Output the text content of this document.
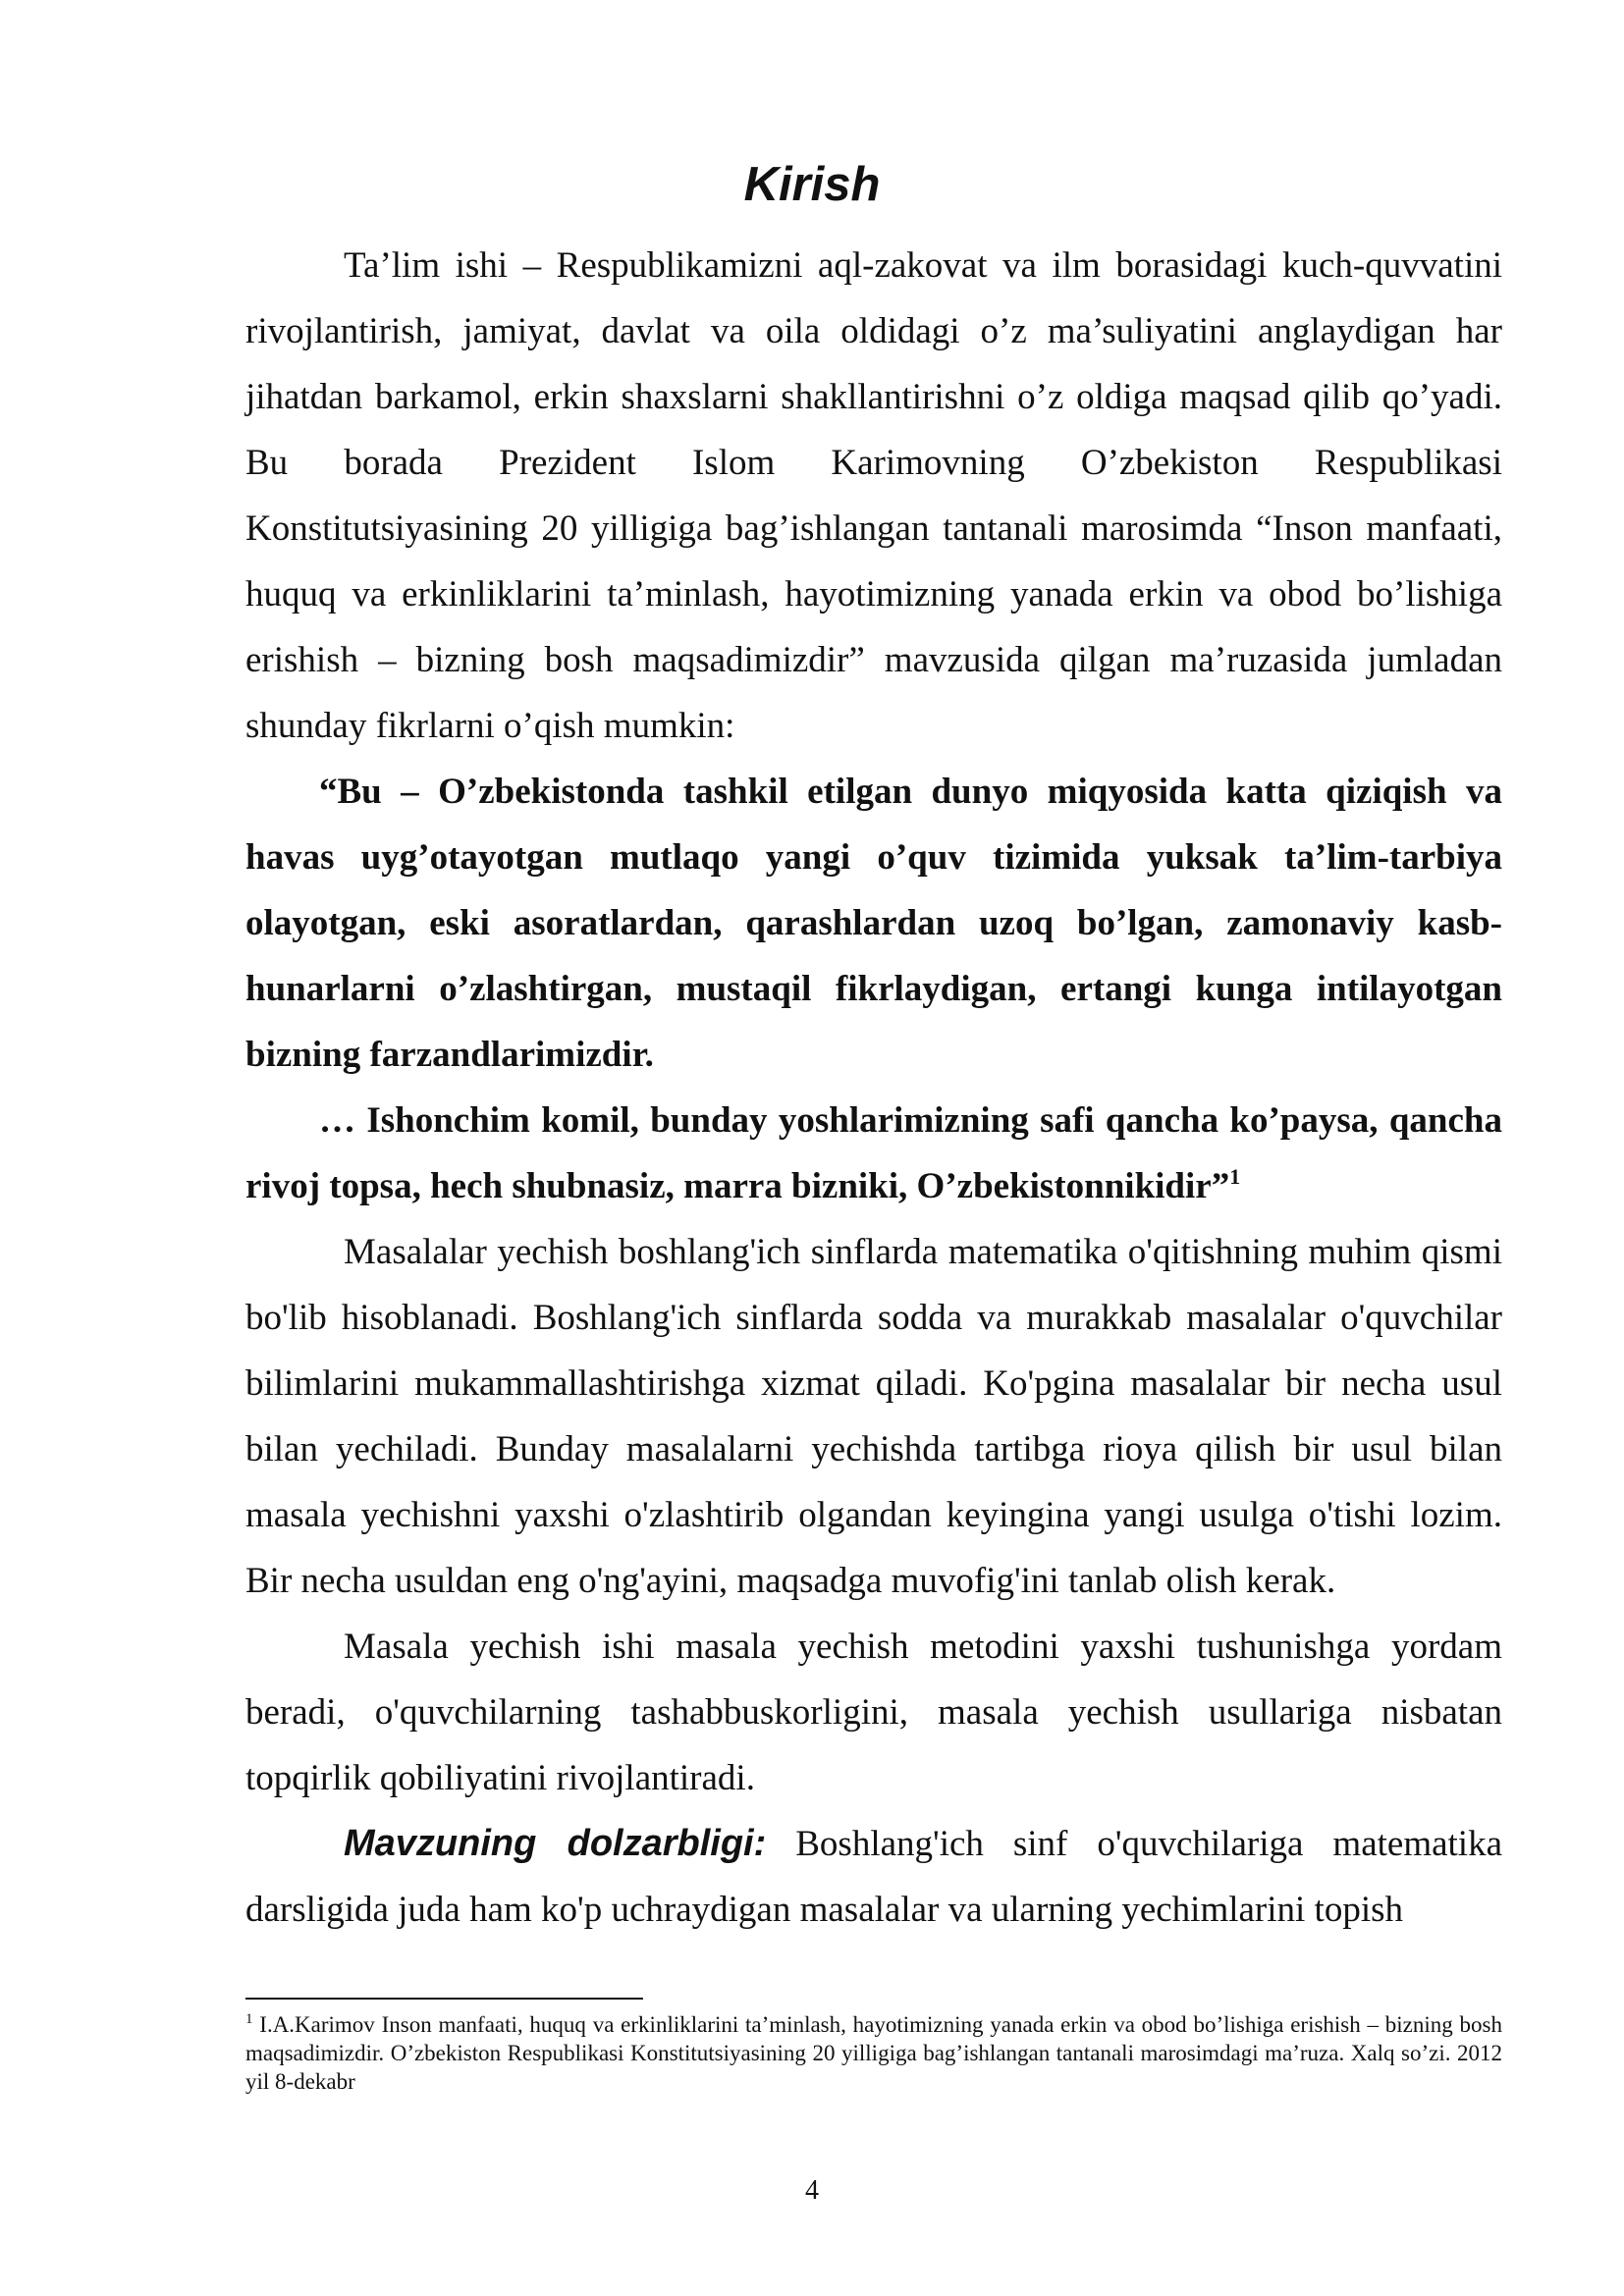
Kirish

Ta’lim ishi – Respublikamizni aql-zakovat va ilm borasidagi kuch-quvvatini rivojlantirish, jamiyat, davlat va oila oldidagi o’z ma’suliyatini anglaydigan har jihatdan barkamol, erkin shaxslarni shakllantirishni o’z oldiga maqsad qilib qo’yadi. Bu borada Prezident Islom Karimovning O’zbekiston Respublikasi Konstitutsiyasining 20 yilligiga bag’ishlangan tantanali marosimda “Inson manfaati, huquq va erkinliklarini ta’minlash, hayotimizning yanada erkin va obod bo’lishiga erishish – bizning bosh maqsadimizdir” mavzusida qilgan ma’ruzasida jumladan shunday fikrlarni o’qish mumkin:

“Bu – O’zbekistonda tashkil etilgan dunyo miqyosida katta qiziqish va havas uyg’otayotgan mutlaqo yangi o’quv tizimida yuksak ta’lim-tarbiya olayotgan, eski asoratlardan, qarashlardan uzoq bo’lgan, zamonaviy kasb-hunarlarni o’zlashtirgan, mustaqil fikrlaydigan, ertangi kunga intilayotgan bizning farzandlarimizdir.

… Ishonchim komil, bunday yoshlarimizning safi qancha ko’paysa, qancha rivoj topsa, hech shubnasiz, marra bizniki, O’zbekistonnikidir”$^1$

Masalalar yechish boshlang'ich sinflarda matematika o'qitishning muhim qismi bo'lib hisoblanadi. Boshlang'ich sinflarda sodda va murakkab masalalar o'quvchilar bilimlarini mukammallashtirishga xizmat qiladi. Ko'pgina masalalar bir necha usul bilan yechiladi. Bunday masalalarni yechishda tartibga rioya qilish bir usul bilan masala yechishni yaxshi o'zlashtirib olgandan keyingina yangi usulga o'tishi lozim. Bir necha usuldan eng o'ng'ayini, maqsadga muvofig'ini tanlab olish kerak.

Masala yechish ishi masala yechish metodini yaxshi tushunishga yordam beradi, o'quvchilarning tashabbuskorligini, masala yechish usullariga nisbatan topqirlik qobiliyatini rivojlantiradi.

Mavzuning dolzarbligi: Boshlang'ich sinf o'quvchilariga matematika darsligida juda ham ko'p uchraydigan masalalar va ularning yechimlarini topish

$^1$ I.A.Karimov Inson manfaati, huquq va erkinliklarini ta’minlash, hayotimizning yanada erkin va obod bo’lishiga erishish – bizning bosh maqsadimizdir. O’zbekiston Respublikasi Konstitutsiyasining 20 yilligiga bag’ishlangan tantanali marosimdagi ma’ruza. Xalq so’zi. 2012 yil 8-dekabr
4
